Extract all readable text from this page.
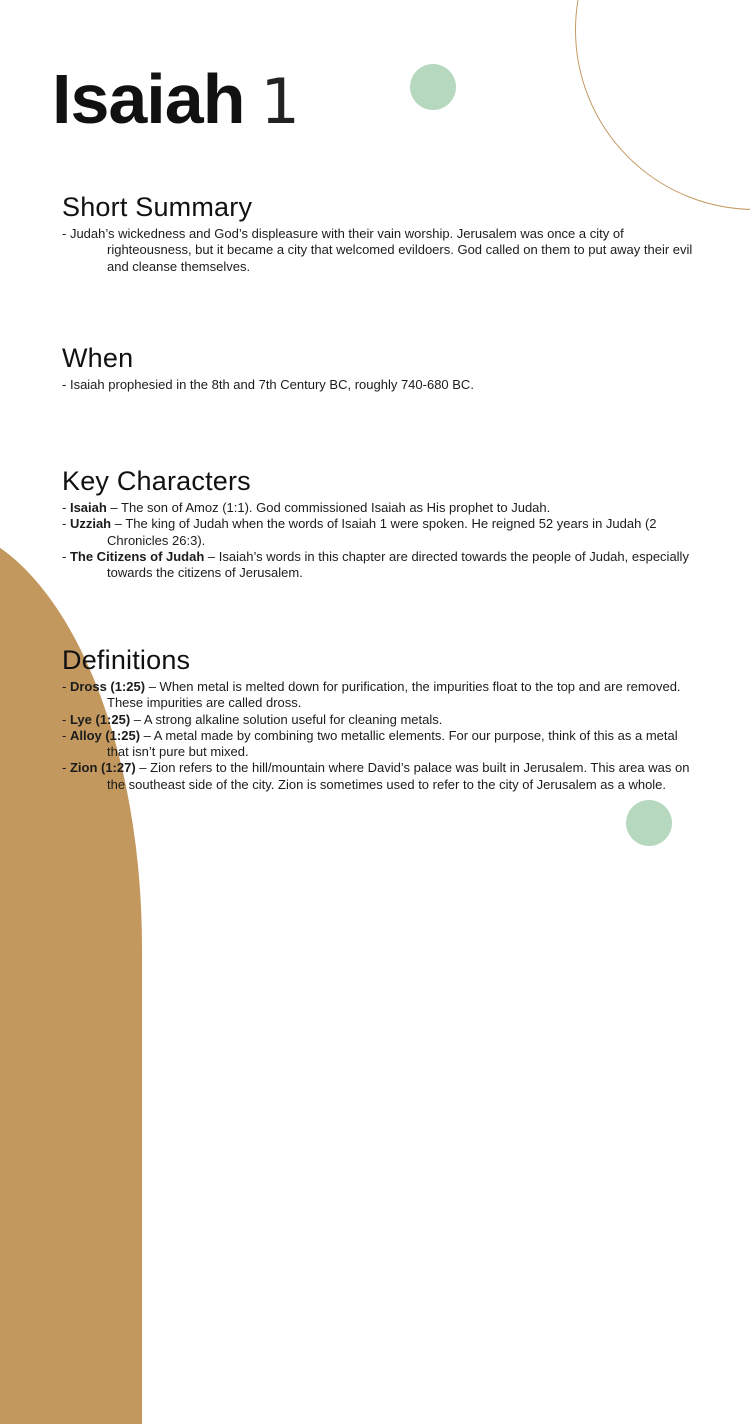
Isaiah 1
Short Summary

- Judah’s wickedness and God’s displeasure with their vain worship. Jerusalem was once a city of righteousness, but it became a city that welcomed evildoers. God called on them to put away their evil and cleanse themselves.

When

- Isaiah prophesied in the 8th and 7th Century BC, roughly 740-680 BC.

Key Characters

- Isaiah – The son of Amoz (1:1). God commissioned Isaiah as His prophet to Judah.

- Uzziah – The king of Judah when the words of Isaiah 1 were spoken. He reigned 52 years in Judah (2 Chronicles 26:3).

- The Citizens of Judah – Isaiah’s words in this chapter are directed towards the people of Judah, especially towards the citizens of Jerusalem.

Definitions

- Dross (1:25) – When metal is melted down for purification, the impurities float to the top and are removed. These impurities are called dross.

- Lye (1:25) – A strong alkaline solution useful for cleaning metals.

- Alloy (1:25) – A metal made by combining two metallic elements. For our purpose, think of this as a metal that isn’t pure but mixed.

- Zion (1:27) – Zion refers to the hill/mountain where David’s palace was built in Jerusalem. This area was on the southeast side of the city. Zion is sometimes used to refer to the city of Jerusalem as a whole.
